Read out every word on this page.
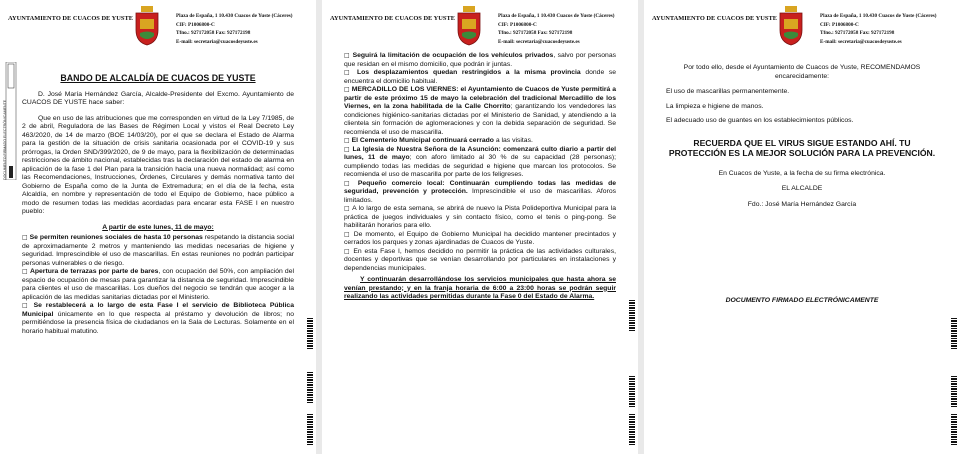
AYUNTAMIENTO DE CUACOS DE YUSTE	Plaza de España, 1 10.430 Cuacos de Yuste (Cáceres)
CIF: P1006800-C
Tfno.: 927172058 Fax: 927172198
E-mail: secretaria@cuacosdeyuste.es
DOCUMENTO FIRMADO ELECTRÓNICAMENTE
BANDO DE ALCALDÍA DE CUACOS DE YUSTE

D. José María Hernández García, Alcalde-Presidente del Excmo. Ayuntamiento de CUACOS DE YUSTE hace saber:

Que en uso de las atribuciones que me corresponden en virtud de la Ley 7/1985, de 2 de abril, Reguladora de las Bases de Régimen Local y vistos el Real Decreto Ley 463/2020, de 14 de marzo (BOE 14/03/20), por el que se declara el Estado de Alarma para la gestión de la situación de crisis sanitaria ocasionada por el COVID-19 y sus prórrogas, la Orden SND/399/2020, de 9 de mayo, para la flexibilización de determinadas restricciones de ámbito nacional, establecidas tras la declaración del estado de alarma en aplicación de la fase 1 del Plan para la transición hacia una nueva normalidad; así como las Recomendaciones, Instrucciones, Órdenes, Circulares y demás normativa tanto del Gobierno de España como de la Junta de Extremadura; en el día de la fecha, esta Alcaldía, en nombre y representación de todo el Equipo de Gobierno, hace público a modo de resumen todas las medidas acordadas para encarar esta FASE I en nuestro pueblo:

A partir de este lunes, 11 de mayo:

□ Se permiten reuniones sociales de hasta 10 personas respetando la distancia social de aproximadamente 2 metros y manteniendo las medidas necesarias de higiene y seguridad. Imprescindible el uso de mascarillas. En estas reuniones no podrán participar personas vulnerables o de riesgo.

□ Apertura de terrazas por parte de bares, con ocupación del 50%, con ampliación del espacio de ocupación de mesas para garantizar la distancia de seguridad. Imprescindible para clientes el uso de mascarillas. Los dueños del negocio se tendrán que acoger a la aplicación de las medidas sanitarias dictadas por el Ministerio.

□ Se restablecerá a lo largo de esta Fase I el servicio de Biblioteca Pública Municipal únicamente en lo que respecta al préstamo y devolución de libros; no permitiéndose la presencia física de ciudadanos en la Sala de Lecturas. Solamente en el horario habitual matutino.

AYUNTAMIENTO DE CUACOS DE YUSTE	Plaza de España, 1 10.430 Cuacos de Yuste (Cáceres)
CIF: P1006800-C
Tfno.: 927172058 Fax: 927172198
E-mail: secretaria@cuacosdeyuste.es

□ Seguirá la limitación de ocupación de los vehículos privados, salvo por personas que residan en el mismo domicilio, que podrán ir juntas.

□ Los desplazamientos quedan restringidos a la misma provincia donde se encuentra el domicilio habitual.

□ MERCADILLO DE LOS VIERNES: el Ayuntamiento de Cuacos de Yuste permitirá a partir de este próximo 15 de mayo la celebración del tradicional Mercadillo de los Viernes, en la zona habilitada de la Calle Chorrito; garantizando los vendedores las condiciones higiénico-sanitarias dictadas por el Ministerio de Sanidad, y atendiendo a la clientela sin formación de aglomeraciones y con la debida separación de seguridad. Se recomienda el uso de mascarilla.

□ El Cementerio Municipal continuará cerrado a las visitas.

□ La Iglesia de Nuestra Señora de la Asunción: comenzará culto diario a partir del lunes, 11 de mayo; con aforo limitado al 30 % de su capacidad (28 personas); cumpliendo todas las medidas de seguridad e higiene que marcan los protocolos. Se recomienda el uso de mascarilla por parte de los feligreses.

□ Pequeño comercio local: Continuarán cumpliendo todas las medidas de seguridad, prevención y protección. Imprescindible el uso de mascarillas. Aforos limitados.

□ A lo largo de esta semana, se abrirá de nuevo la Pista Polideportiva Municipal para la práctica de juegos individuales y sin contacto físico, como el tenis o ping-pong. Se habilitarán horarios para ello.

□ De momento, el Equipo de Gobierno Municipal ha decidido mantener precintados y cerrados los parques y zonas ajardinadas de Cuacos de Yuste.

□ En esta Fase I, hemos decidido no permitir la práctica de las actividades culturales, docentes y deportivas que se venían desarrollando por particulares en instalaciones y dependencias municipales.

Y continuarán desarrollándose los servicios municipales que hasta ahora se venían prestando; y en la franja horaria de 6:00 a 23:00 horas se podrán seguir realizando las actividades permitidas durante la Fase 0 del Estado de Alarma.

AYUNTAMIENTO DE CUACOS DE YUSTE	Plaza de España, 1 10.430 Cuacos de Yuste (Cáceres)
CIF: P1006800-C
Tfno.: 927172058 Fax: 927172198
E-mail: secretaria@cuacosdeyuste.es

Por todo ello, desde el Ayuntamiento de Cuacos de Yuste, RECOMENDAMOS encarecidamente:

El uso de mascarillas permanentemente.

La limpieza e higiene de manos.

El adecuado uso de guantes en los establecimientos públicos.

RECUERDA QUE EL VIRUS SIGUE ESTANDO AHÍ. TU PROTECCIÓN ES LA MEJOR SOLUCIÓN PARA LA PREVENCIÓN.

En Cuacos de Yuste, a la fecha de su firma electrónica.

EL ALCALDE

Fdo.: José María Hernández García

DOCUMENTO FIRMADO ELECTRÓNICAMENTE
